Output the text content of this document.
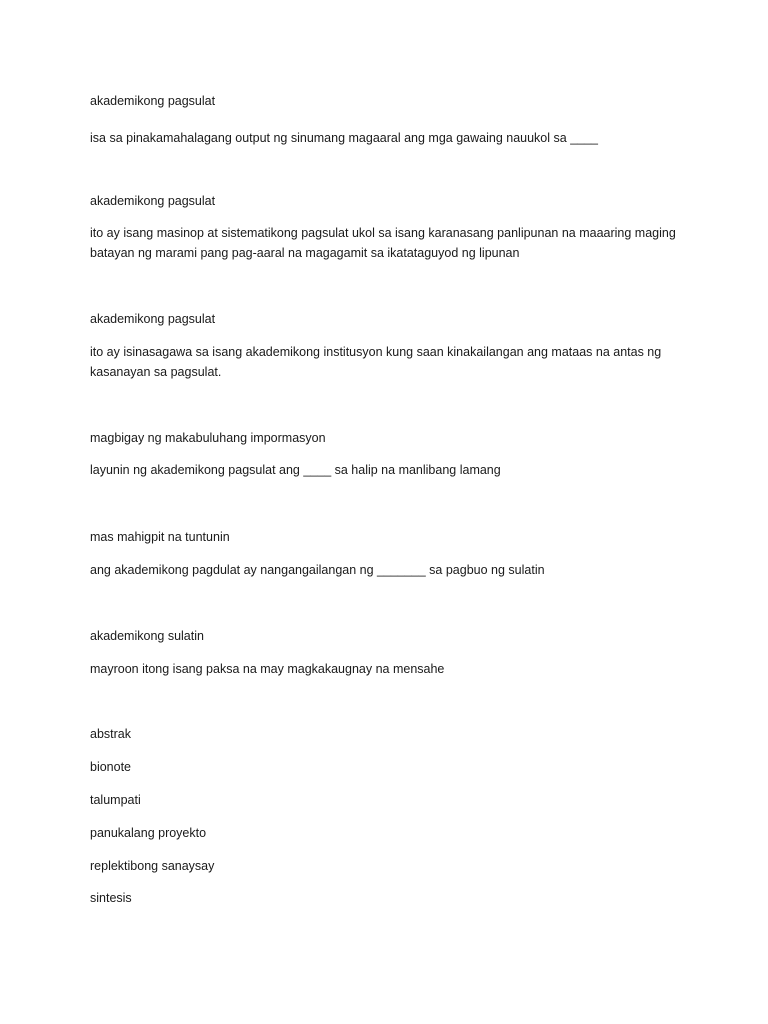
akademikong pagsulat
isa sa pinakamahalagang output ng sinumang magaaral ang mga gawaing nauukol sa ____
akademikong pagsulat
ito ay isang masinop at sistematikong pagsulat ukol sa isang karanasang panlipunan na maaaring maging batayan ng marami pang pag-aaral na magagamit sa ikatataguyod ng lipunan
akademikong pagsulat
ito ay isinasagawa sa isang akademikong institusyon kung saan kinakailangan ang mataas na antas ng kasanayan sa pagsulat.
magbigay ng makabuluhang impormasyon
layunin ng akademikong pagsulat ang ____ sa halip na manlibang lamang
mas mahigpit na tuntunin
ang akademikong pagdulat ay nangangailangan ng _______ sa pagbuo ng sulatin
akademikong sulatin
mayroon itong isang paksa na may magkakaugnay na mensahe
abstrak
bionote
panukalang proyekto
talumpati
replektibong sanaysay
sintesis
